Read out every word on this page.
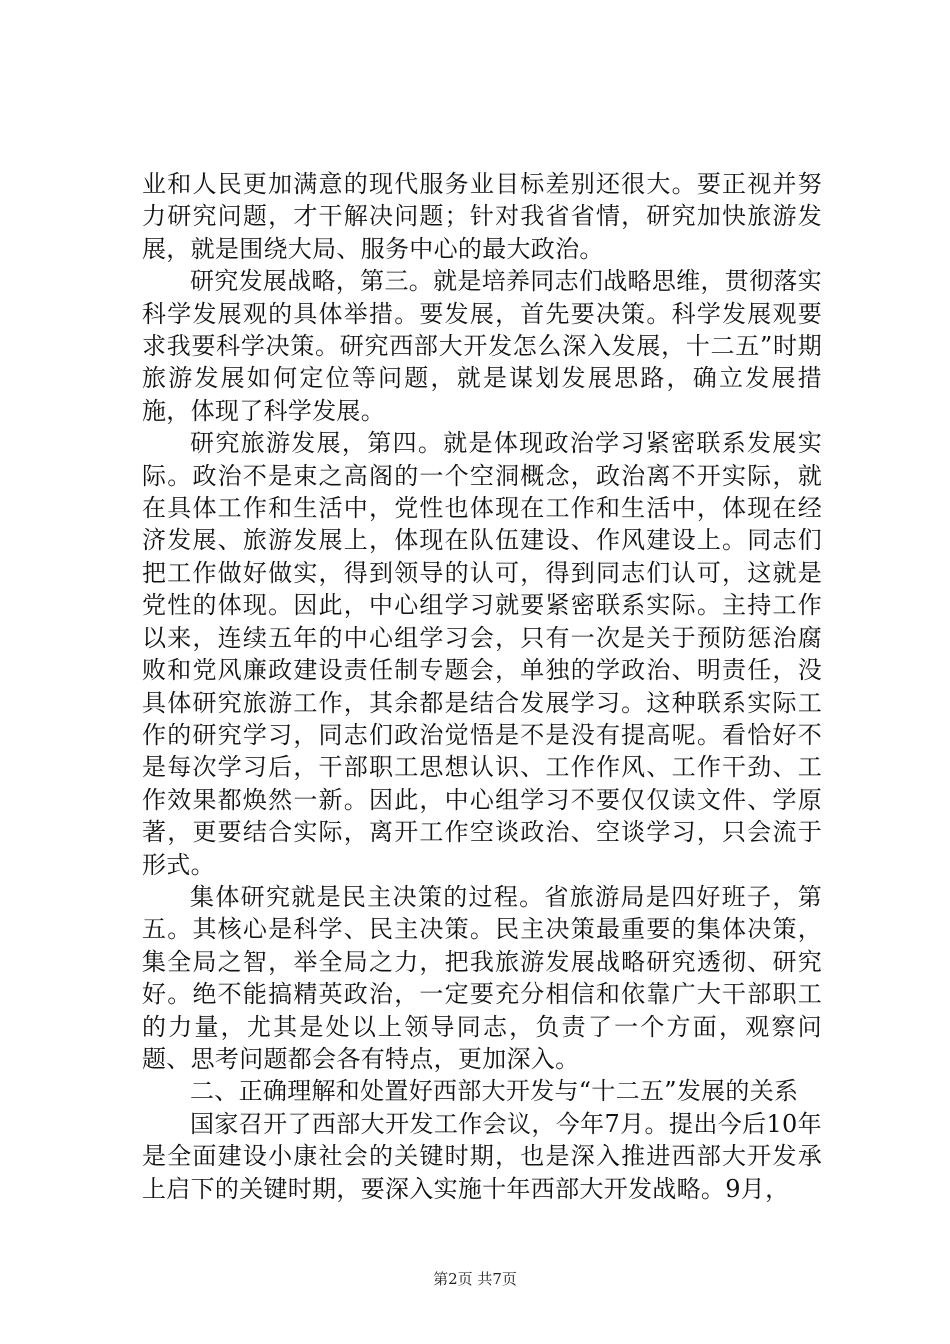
业和人民更加满意的现代服务业目标差别还很大。要正视并努力研究问题，才干解决问题；针对我省省情，研究加快旅游发展，就是围绕大局、服务中心的最大政治。

研究发展战略，第三。就是培养同志们战略思维，贯彻落实科学发展观的具体举措。要发展，首先要决策。科学发展观要求我要科学决策。研究西部大开发怎么深入发展，十二五”时期旅游发展如何定位等问题，就是谋划发展思路，确立发展措施，体现了科学发展。

研究旅游发展，第四。就是体现政治学习紧密联系发展实际。政治不是束之高阁的一个空洞概念，政治离不开实际，就在具体工作和生活中，党性也体现在工作和生活中，体现在经济发展、旅游发展上，体现在队伍建设、作风建设上。同志们把工作做好做实，得到领导的认可，得到同志们认可，这就是党性的体现。因此，中心组学习就要紧密联系实际。主持工作以来，连续五年的中心组学习会，只有一次是关于预防惩治腐败和党风廉政建设责任制专题会，单独的学政治、明责任，没具体研究旅游工作，其余都是结合发展学习。这种联系实际工作的研究学习，同志们政治觉悟是不是没有提高呢。看恰好不是每次学习后，干部职工思想认识、工作作风、工作干劲、工作效果都焕然一新。因此，中心组学习不要仅仅读文件、学原著，更要结合实际，离开工作空谈政治、空谈学习，只会流于形式。

集体研究就是民主决策的过程。省旅游局是四好班子，第五。其核心是科学、民主决策。民主决策最重要的集体决策，集全局之智，举全局之力，把我旅游发展战略研究透彻、研究好。绝不能搞精英政治，一定要充分相信和依靠广大干部职工的力量，尤其是处以上领导同志，负责了一个方面，观察问题、思考问题都会各有特点，更加深入。

二、正确理解和处置好西部大开发与“十二五”发展的关系

国家召开了西部大开发工作会议，今年7月。提出今后10年是全面建设小康社会的关键时期，也是深入推进西部大开发承上启下的关键时期，要深入实施十年西部大开发战略。9月，

第2页 共7页
